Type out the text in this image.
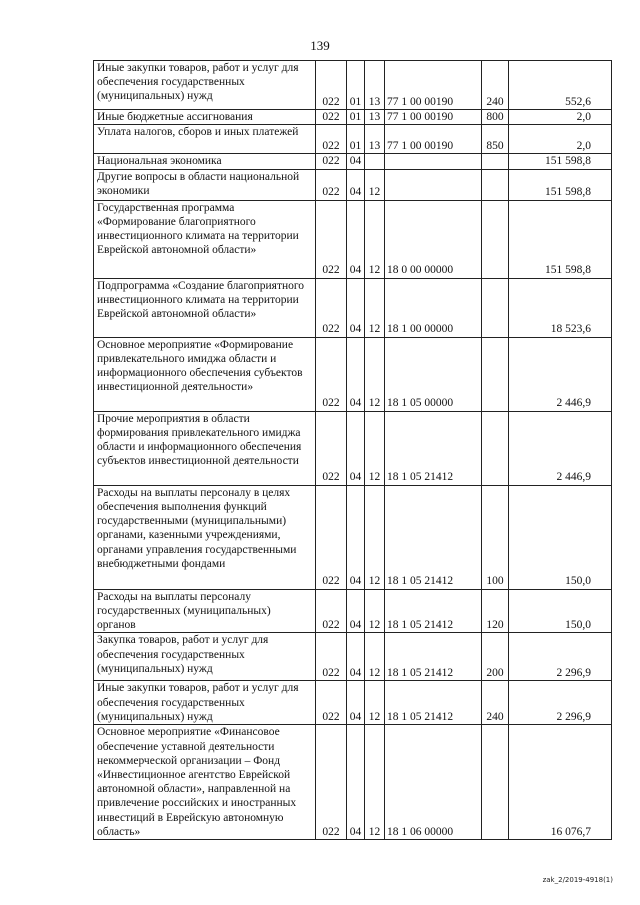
139
Иные закупки товаров, работ и услуг для обеспечения государственных (муниципальных) нужд	022	01	13	77 1 00 00190	240	552,6
Иные бюджетные ассигнования	022	01	13	77 1 00 00190	800	2,0
Уплата налогов, сборов и иных платежей	022	01	13	77 1 00 00190	850	2,0
Национальная экономика	022	04				151 598,8
Другие вопросы в области национальной экономики	022	04	12			151 598,8
Государственная программа «Формирование благоприятного инвестиционного климата на территории Еврейской автономной области»	022	04	12	18 0 00 00000		151 598,8
Подпрограмма «Создание благоприятного инвестиционного климата на территории Еврейской автономной области»	022	04	12	18 1 00 00000		18 523,6
Основное мероприятие «Формирование привлекательного имиджа области и информационного обеспечения субъектов инвестиционной деятельности»	022	04	12	18 1 05 00000		2 446,9
Прочие мероприятия в области формирования привлекательного имиджа области и информационного обеспечения субъектов инвестиционной деятельности	022	04	12	18 1 05 21412		2 446,9
Расходы на выплаты персоналу в целях обеспечения выполнения функций государственными (муниципальными) органами, казенными учреждениями, органами управления государственными внебюджетными фондами	022	04	12	18 1 05 21412	100	150,0
Расходы на выплаты персоналу государственных (муниципальных) органов	022	04	12	18 1 05 21412	120	150,0
Закупка товаров, работ и услуг для обеспечения государственных (муниципальных) нужд	022	04	12	18 1 05 21412	200	2 296,9
Иные закупки товаров, работ и услуг для обеспечения государственных (муниципальных) нужд	022	04	12	18 1 05 21412	240	2 296,9
Основное мероприятие «Финансовое обеспечение уставной деятельности некоммерческой организации – Фонд «Инвестиционное агентство Еврейской автономной области», направленной на привлечение российских и иностранных инвестиций в Еврейскую автономную область»	022	04	12	18 1 06 00000		16 076,7
zak_2/2019-4918(1)
